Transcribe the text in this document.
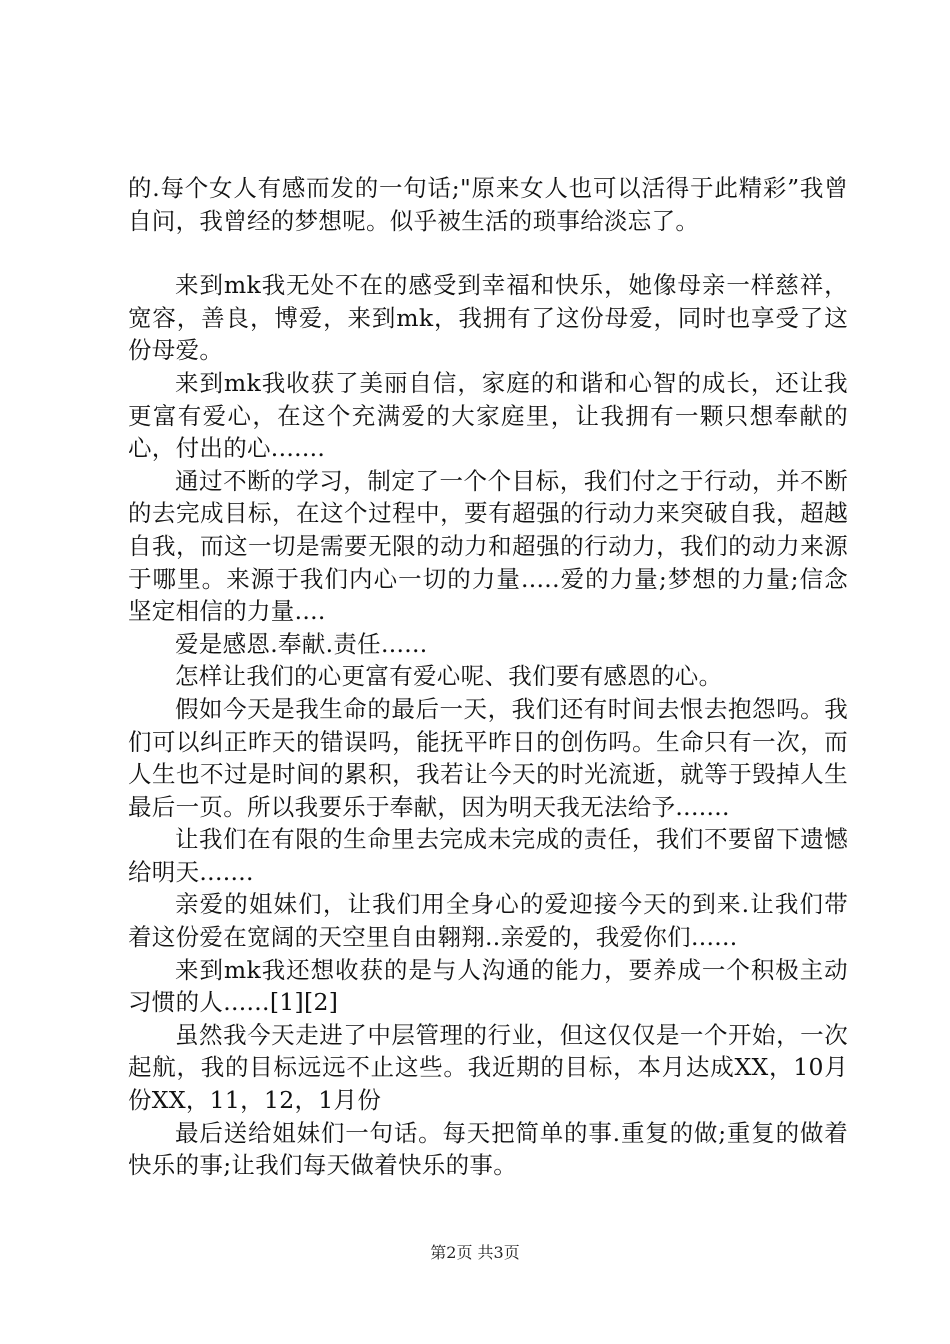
的.每个女人有感而发的一句话;"原来女人也可以活得于此精彩”我曾自问，我曾经的梦想呢。似乎被生活的琐事给淡忘了。

来到mk我无处不在的感受到幸福和快乐，她像母亲一样慈祥，宽容，善良，博爱，来到mk，我拥有了这份母爱，同时也享受了这份母爱。

来到mk我收获了美丽自信，家庭的和谐和心智的成长，还让我更富有爱心，在这个充满爱的大家庭里，让我拥有一颗只想奉献的心，付出的心.......

通过不断的学习，制定了一个个目标，我们付之于行动，并不断的去完成目标，在这个过程中，要有超强的行动力来突破自我，超越自我，而这一切是需要无限的动力和超强的行动力，我们的动力来源于哪里。来源于我们内心一切的力量.....爱的力量;梦想的力量;信念坚定相信的力量....

爱是感恩.奉献.责任......

怎样让我们的心更富有爱心呢、我们要有感恩的心。

假如今天是我生命的最后一天，我们还有时间去恨去抱怨吗。我们可以纠正昨天的错误吗，能抚平昨日的创伤吗。生命只有一次，而人生也不过是时间的累积，我若让今天的时光流逝，就等于毁掉人生最后一页。所以我要乐于奉献，因为明天我无法给予.......

让我们在有限的生命里去完成未完成的责任，我们不要留下遗憾给明天.......

亲爱的姐妹们，让我们用全身心的爱迎接今天的到来.让我们带着这份爱在宽阔的天空里自由翱翔..亲爱的，我爱你们......

来到mk我还想收获的是与人沟通的能力，要养成一个积极主动习惯的人......[1][2]

虽然我今天走进了中层管理的行业，但这仅仅是一个开始，一次起航，我的目标远远不止这些。我近期的目标，本月达成XX，10月份XX，11，12，1月份

最后送给姐妹们一句话。每天把简单的事.重复的做;重复的做着快乐的事;让我们每天做着快乐的事。

第2页 共3页
